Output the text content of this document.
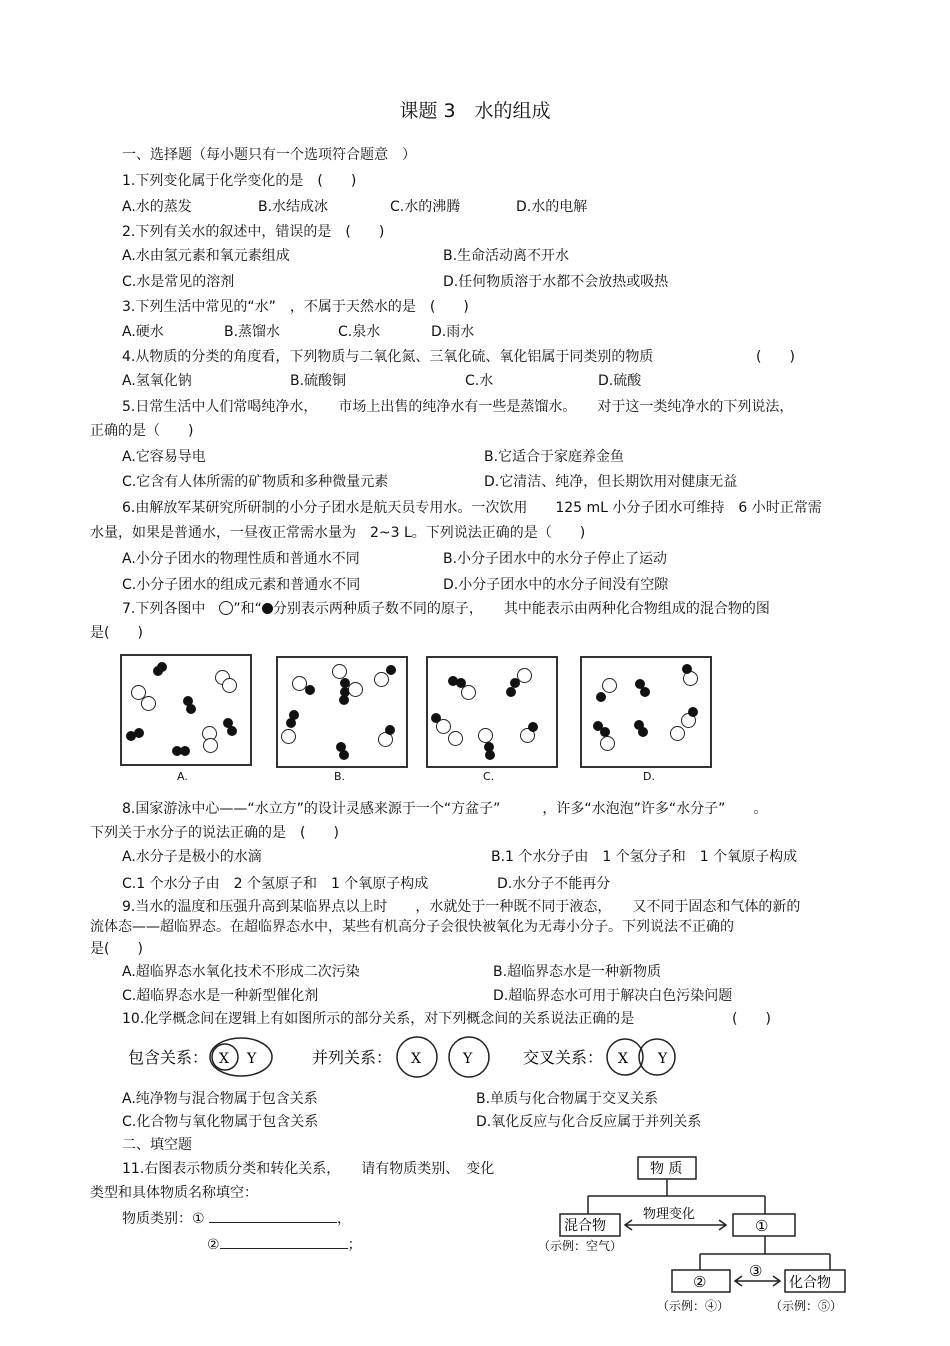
课题 3　水的组成
一、选择题（每小题只有一个选项符合题意　）
1.下列变化属于化学变化的是　(　　)
A.水的蒸发	B.水结成冰	C.水的沸腾	D.水的电解
2.下列有关水的叙述中，错误的是　(　　)
A.水由氢元素和氧元素组成	B.生命活动离不开水
C.水是常见的溶剂	D.任何物质溶于水都不会放热或吸热
3.下列生活中常见的“水”　，不属于天然水的是　(　　)
A.硬水	B.蒸馏水	C.泉水	D.雨水
4.从物质的分类的角度看，下列物质与二氧化氮、三氧化硫、氧化铝属于同类别的物质	(　　)
A.氢氧化钠	B.硫酸铜	C.水	D.硫酸
5.日常生活中人们常喝纯净水，　　市场上出售的纯净水有一些是蒸馏水。　　对于这一类纯净水的下列说法，
正确的是（　　)
A.它容易导电	B.它适合于家庭养金鱼
C.它含有人体所需的矿物质和多种微量元素	D.它清洁、纯净，但长期饮用对健康无益
6.由解放军某研究所研制的小分子团水是航天员专用水。一次饮用　　125 mL 小分子团水可维持　6 小时正常需
水量，如果是普通水，一昼夜正常需水量为　2~3 L。下列说法正确的是（　　)
A.小分子团水的物理性质和普通水不同	B.小分子团水中的水分子停止了运动
C.小分子团水的组成元素和普通水不同	D.小分子团水中的水分子间没有空隙
7.下列各图中　”和“ 分别表示两种质子数不同的原子，　　其中能表示由两种化合物组成的混合物的图
是(　　)
A.	B.	C.	D.
8.国家游泳中心——“水立方”的设计灵感来源于一个“方盆子”　　　，许多“水泡泡”许多“水分子”　　。
下列关于水分子的说法正确的是　(　　)
A.水分子是极小的水滴	B.1 个水分子由　1 个氢分子和　1 个氧原子构成
C.1 个水分子由　2 个氢原子和　1 个氧原子构成	D.水分子不能再分
9.当水的温度和压强升高到某临界点以上时　　，水就处于一种既不同于液态，　　又不同于固态和气体的新的
流体态——超临界态。在超临界态水中，某些有机高分子会很快被氧化为无毒小分子。下列说法不正确的
是(　　)
A.超临界态水氧化技术不形成二次污染	B.超临界态水是一种新物质
C.超临界态水是一种新型催化剂	D.超临界态水可用于解决白色污染问题
10.化学概念间在逻辑上有如图所示的部分关系，对下列概念间的关系说法正确的是	(　　)
包含关系： X Y	并列关系： X	Y	交叉关系： X Y
A.纯净物与混合物属于包含关系	B.单质与化合物属于交叉关系
C.化合物与氧化物属于包含关系	D.氧化反应与化合反应属于并列关系
二、填空题
11.右图表示物质分类和转化关系，　　请有物质类别、　变化
类型和具体物质名称填空：
物质类别：①	，
②	；
物 质
混合物
物理变化
①
（示例：空气）
②
③
化合物
（示例：④）	（示例：⑤）
